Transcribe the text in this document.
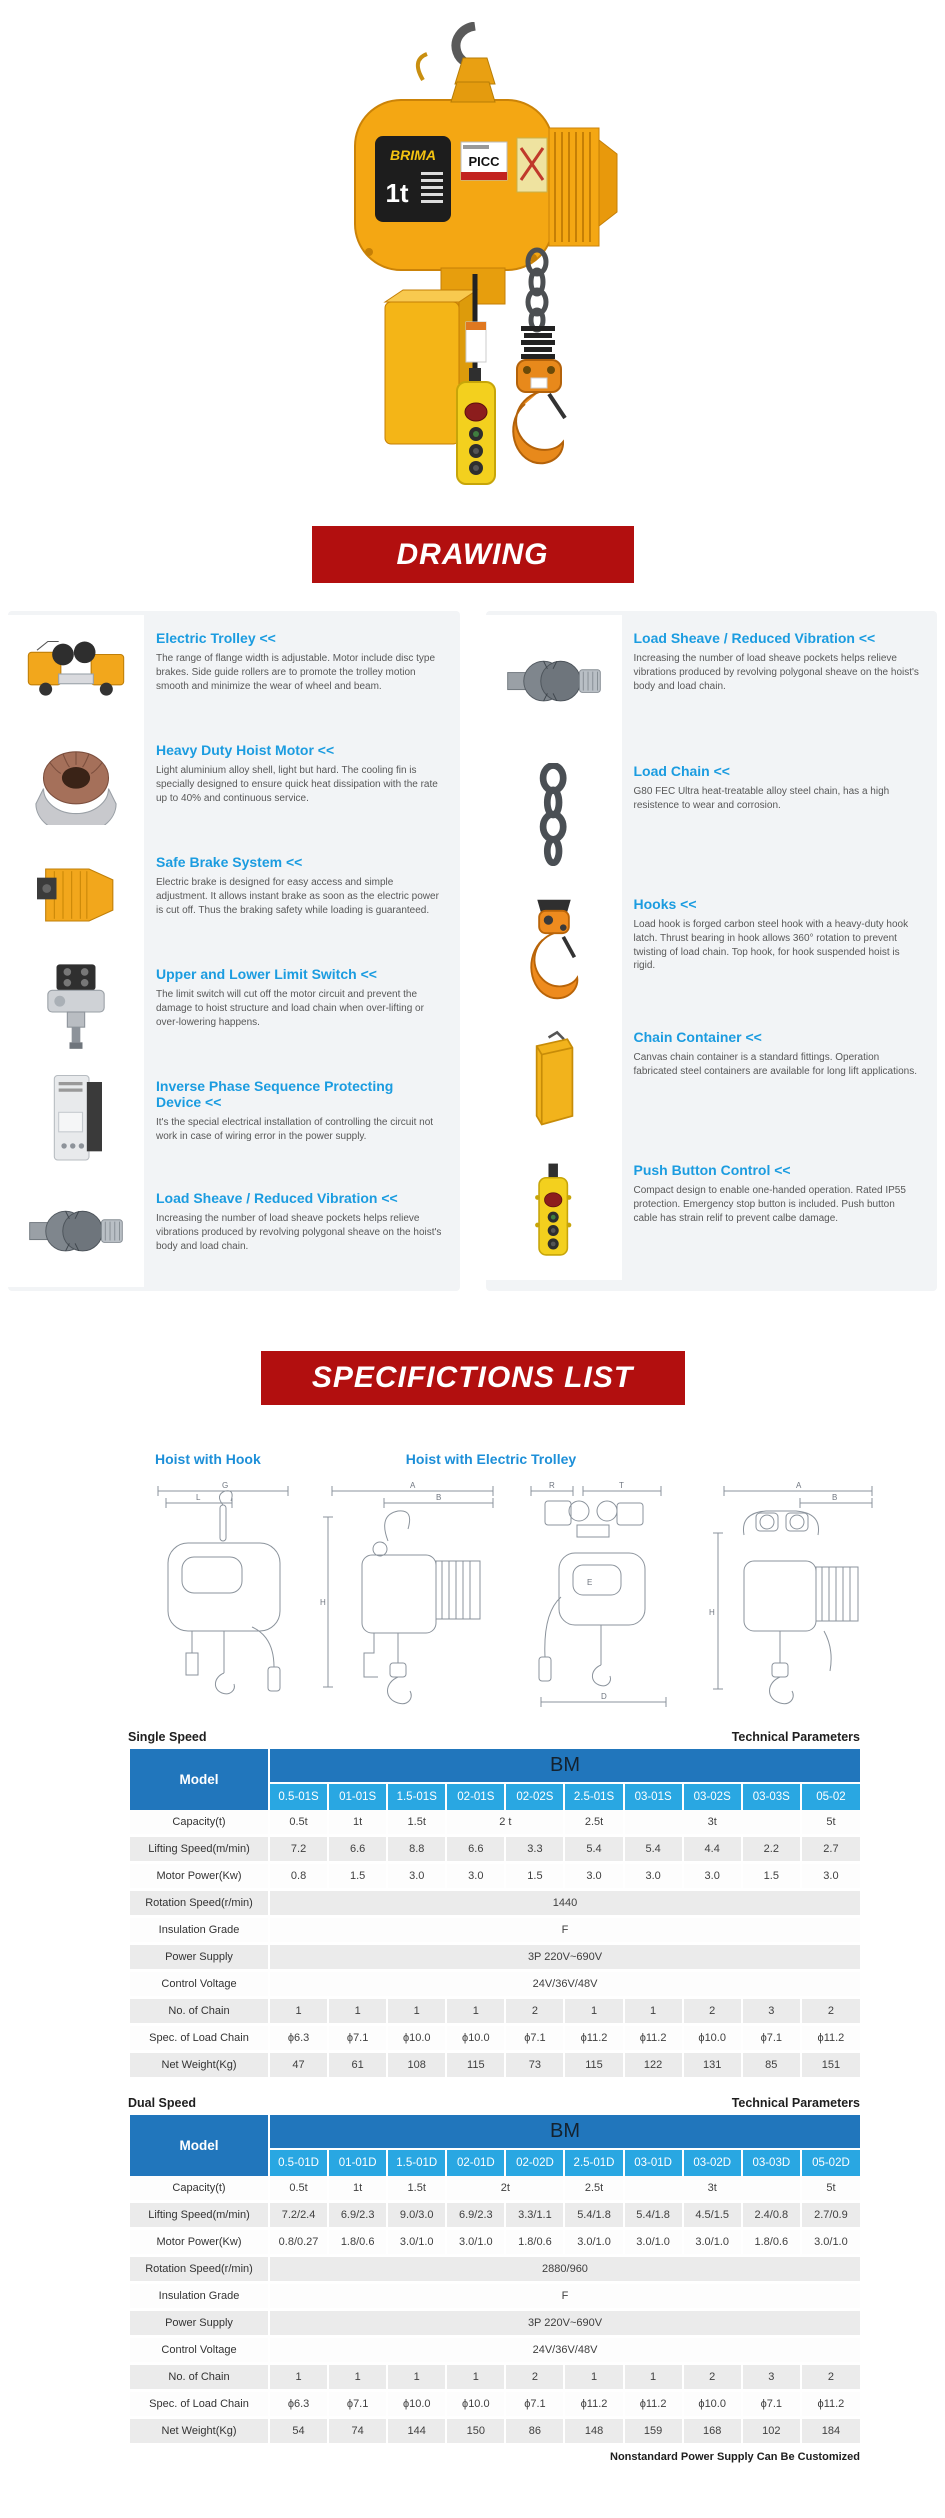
BRIMA
1t
PICC
DRAWING
Electric Trolley <<
The range of flange width is adjustable. Motor include disc type brakes. Side guide rollers are to promote the trolley motion smooth and minimize the wear of wheel and beam.
Heavy Duty Hoist Motor <<
Light aluminium alloy shell, light but hard. The cooling fin is specially designed to ensure quick heat dissipation with the rate up to 40% and continuous service.
Safe Brake System <<
Electric brake is designed for easy access and simple adjustment. It allows instant brake as soon as the electric power is cut off. Thus the braking safety while loading is guaranteed.
Upper and Lower Limit Switch <<
The limit switch will cut off the motor circuit and prevent the damage to hoist structure and load chain when over-lifting or over-lowering happens.
Inverse Phase Sequence Protecting Device <<
It's the special electrical installation of controlling the circuit not work in case of wiring error in the power supply.
Load Sheave / Reduced Vibration <<
Increasing the number of load sheave pockets helps relieve vibrations produced by revolving polygonal sheave on the hoist's body and load chain.
Load Sheave / Reduced Vibration <<
Increasing the number of load sheave pockets helps relieve vibrations produced by revolving polygonal sheave on the hoist's body and load chain.
Load Chain <<
G80 FEC Ultra heat-treatable alloy steel chain, has a high resistence to wear and corrosion.
Hooks <<
Load hook is forged carbon steel hook with a heavy-duty hook latch. Thrust bearing in hook allows 360° rotation to prevent twisting of load chain. Top hook, for hook suspended hoist is rigid.
Chain Container <<
Canvas chain container is a standard fittings. Operation fabricated steel containers are available for long lift applications.
Push Button Control <<
Compact design to enable one-handed operation. Rated IP55 protection. Emergency stop button is included. Push button cable has strain relif to prevent calbe damage.
SPECIFICTIONS LIST
Hoist with Hook	Hoist with Electric Trolley
G
L
A
B
H
R	T
E
D
A
B
H
Single Speed	Technical Parameters
Model	BM									
	0.5-01S	01-01S	1.5-01S	02-01S	02-02S	2.5-01S	03-01S	03-02S	03-03S	05-02
Capacity(t)	0.5t	1t	1.5t	2 t		2.5t	3t			5t
Lifting Speed(m/min)	7.2	6.6	8.8	6.6	3.3	5.4	5.4	4.4	2.2	2.7
Motor Power(Kw)	0.8	1.5	3.0	3.0	1.5	3.0	3.0	3.0	1.5	3.0
Rotation Speed(r/min)	1440									
Insulation Grade	F									
Power Supply	3P 220V~690V									
Control Voltage	24V/36V/48V									
No. of Chain	1	1	1	1	2	1	1	2	3	2
Spec. of Load Chain	ϕ6.3	ϕ7.1	ϕ10.0	ϕ10.0	ϕ7.1	ϕ11.2	ϕ11.2	ϕ10.0	ϕ7.1	ϕ11.2
Net Weight(Kg)	47	61	108	115	73	115	122	131	85	151
Dual Speed	Technical Parameters
Model	BM									
	0.5-01D	01-01D	1.5-01D	02-01D	02-02D	2.5-01D	03-01D	03-02D	03-03D	05-02D
Capacity(t)	0.5t	1t	1.5t	2t		2.5t	3t			5t
Lifting Speed(m/min)	7.2/2.4	6.9/2.3	9.0/3.0	6.9/2.3	3.3/1.1	5.4/1.8	5.4/1.8	4.5/1.5	2.4/0.8	2.7/0.9
Motor Power(Kw)	0.8/0.27	1.8/0.6	3.0/1.0	3.0/1.0	1.8/0.6	3.0/1.0	3.0/1.0	3.0/1.0	1.8/0.6	3.0/1.0
Rotation Speed(r/min)	2880/960									
Insulation Grade	F									
Power Supply	3P 220V~690V									
Control Voltage	24V/36V/48V									
No. of Chain	1	1	1	1	2	1	1	2	3	2
Spec. of Load Chain	ϕ6.3	ϕ7.1	ϕ10.0	ϕ10.0	ϕ7.1	ϕ11.2	ϕ11.2	ϕ10.0	ϕ7.1	ϕ11.2
Net Weight(Kg)	54	74	144	150	86	148	159	168	102	184
Nonstandard Power Supply Can Be Customized
